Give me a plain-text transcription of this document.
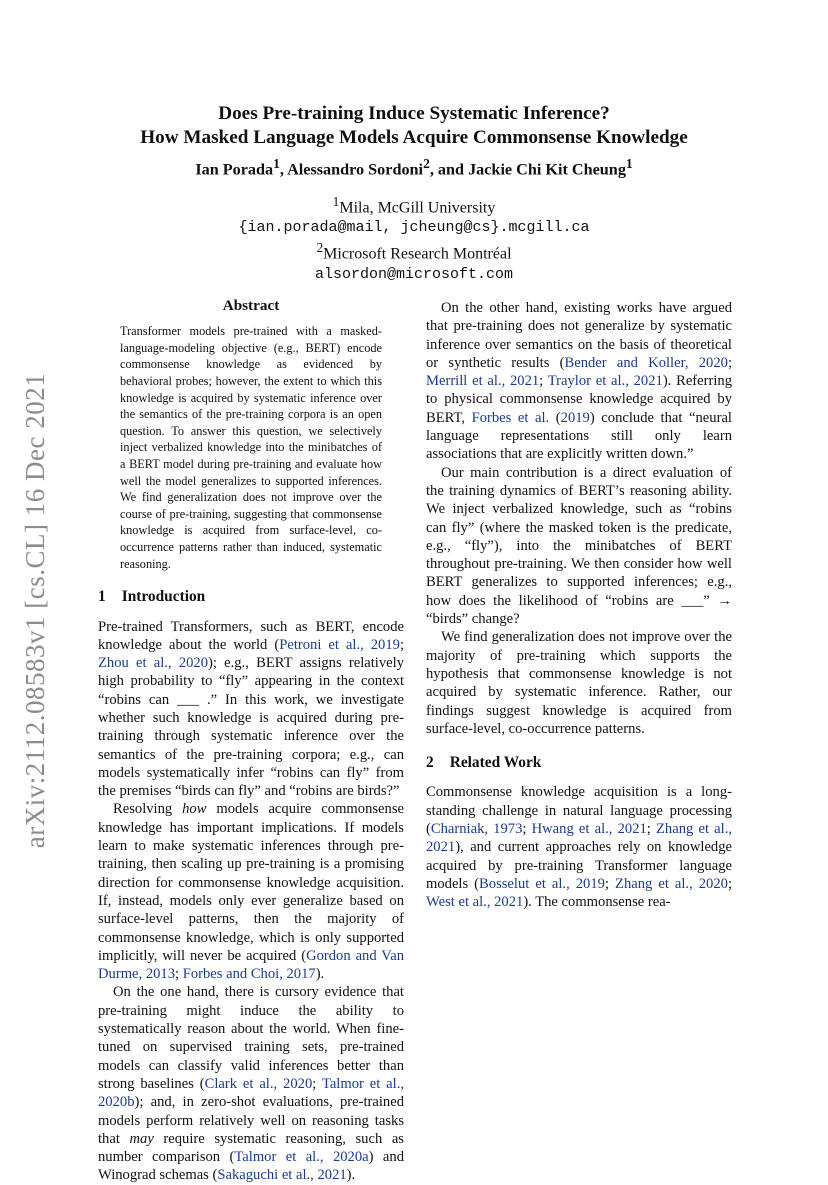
arXiv:2112.08583v1 [cs.CL] 16 Dec 2021
Does Pre-training Induce Systematic Inference?
How Masked Language Models Acquire Commonsense Knowledge
Ian Porada$^1$, Alessandro Sordoni$^2$, and Jackie Chi Kit Cheung$^1$
$^1$Mila, McGill University
{ian.porada@mail, jcheung@cs}.mcgill.ca
$^2$Microsoft Research Montréal
alsordon@microsoft.com
Abstract
Transformer models pre-trained with a masked-language-modeling objective (e.g., BERT) encode commonsense knowledge as evidenced by behavioral probes; however, the extent to which this knowledge is acquired by systematic inference over the semantics of the pre-training corpora is an open question. To answer this question, we selectively inject verbalized knowledge into the minibatches of a BERT model during pre-training and evaluate how well the model generalizes to supported inferences. We find generalization does not improve over the course of pre-training, suggesting that commonsense knowledge is acquired from surface-level, co-occurrence patterns rather than induced, systematic reasoning.
1 Introduction

Pre-trained Transformers, such as BERT, encode knowledge about the world (Petroni et al., 2019; Zhou et al., 2020); e.g., BERT assigns relatively high probability to “fly” appearing in the context “robins can ___ .” In this work, we investigate whether such knowledge is acquired during pre-training through systematic inference over the semantics of the pre-training corpora; e.g., can models systematically infer “robins can fly” from the premises “birds can fly” and “robins are birds?”

Resolving how models acquire commonsense knowledge has important implications. If models learn to make systematic inferences through pre-training, then scaling up pre-training is a promising direction for commonsense knowledge acquisition. If, instead, models only ever generalize based on surface-level patterns, then the majority of commonsense knowledge, which is only supported implicitly, will never be acquired (Gordon and Van Durme, 2013; Forbes and Choi, 2017).

On the one hand, there is cursory evidence that pre-training might induce the ability to systematically reason about the world. When fine-tuned on supervised training sets, pre-trained models can classify valid inferences better than strong baselines (Clark et al., 2020; Talmor et al., 2020b); and, in zero-shot evaluations, pre-trained models perform relatively well on reasoning tasks that may require systematic reasoning, such as number comparison (Talmor et al., 2020a) and Winograd schemas (Sakaguchi et al., 2021).

On the other hand, existing works have argued that pre-training does not generalize by systematic inference over semantics on the basis of theoretical or synthetic results (Bender and Koller, 2020; Merrill et al., 2021; Traylor et al., 2021). Referring to physical commonsense knowledge acquired by BERT, Forbes et al. (2019) conclude that “neural language representations still only learn associations that are explicitly written down.”

Our main contribution is a direct evaluation of the training dynamics of BERT’s reasoning ability. We inject verbalized knowledge, such as “robins can fly” (where the masked token is the predicate, e.g., “fly”), into the minibatches of BERT throughout pre-training. We then consider how well BERT generalizes to supported inferences; e.g., how does the likelihood of “robins are ___” → “birds” change?

We find generalization does not improve over the majority of pre-training which supports the hypothesis that commonsense knowledge is not acquired by systematic inference. Rather, our findings suggest knowledge is acquired from surface-level, co-occurrence patterns.

2 Related Work

Commonsense knowledge acquisition is a long-standing challenge in natural language processing (Charniak, 1973; Hwang et al., 2021; Zhang et al., 2021), and current approaches rely on knowledge acquired by pre-training Transformer language models (Bosselut et al., 2019; Zhang et al., 2020; West et al., 2021). The commonsense rea-
